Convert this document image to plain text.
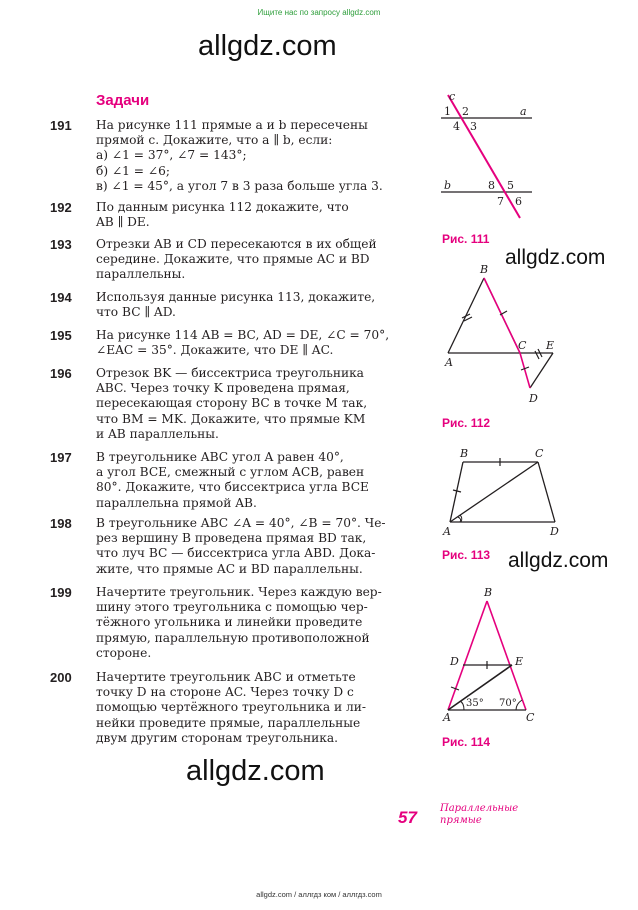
Ищите нас по запросу allgdz.com
allgdz.com
allgdz.com
allgdz.com
allgdz.com
Задачи
191	На рисунке 111 прямые a и b пересечены
прямой c. Докажите, что a ∥ b, если:
а) ∠1 = 37°, ∠7 = 143°;
б) ∠1 = ∠6;
в) ∠1 = 45°, а угол 7 в 3 раза больше угла 3.
192	По данным рисунка 112 докажите, что
AB ∥ DE.
193	Отрезки AB и CD пересекаются в их общей
середине. Докажите, что прямые AC и BD
параллельны.
194	Используя данные рисунка 113, докажите,
что BC ∥ AD.
195	На рисунке 114 AB = BC, AD = DE, ∠C = 70°,
∠EAC = 35°. Докажите, что DE ∥ AC.
196	Отрезок BK — биссектриса треугольника
ABC. Через точку K проведена прямая,
пересекающая сторону BC в точке M так,
что BM = MK. Докажите, что прямые KM
и AB параллельны.
197	В треугольнике ABC угол A равен 40°,
а угол BCE, смежный с углом ACB, равен
80°. Докажите, что биссектриса угла BCE
параллельна прямой AB.
198	В треугольнике ABC ∠A = 40°, ∠B = 70°. Че-
рез вершину B проведена прямая BD так,
что луч BC — биссектриса угла ABD. Дока-
жите, что прямые AC и BD параллельны.
199	Начертите треугольник. Через каждую вер-
шину этого треугольника с помощью чер-
тёжного угольника и линейки проведите
прямую, параллельную противоположной
стороне.
200	Начертите треугольник ABC и отметьте
точку D на стороне AC. Через точку D с
помощью чертёжного треугольника и ли-
нейки проведите прямые, параллельные
двум другим сторонам треугольника.
c
a
b
1 2
3
4
8 5
7 6
Рис. 111
B
A
C E
D
Рис. 112
B	C
A	D
Рис. 113
B
D	E
A	C
35° 70°
Рис. 114
57 Параллельные
прямые
allgdz.com / аллгдз ком / аллгдз.com
